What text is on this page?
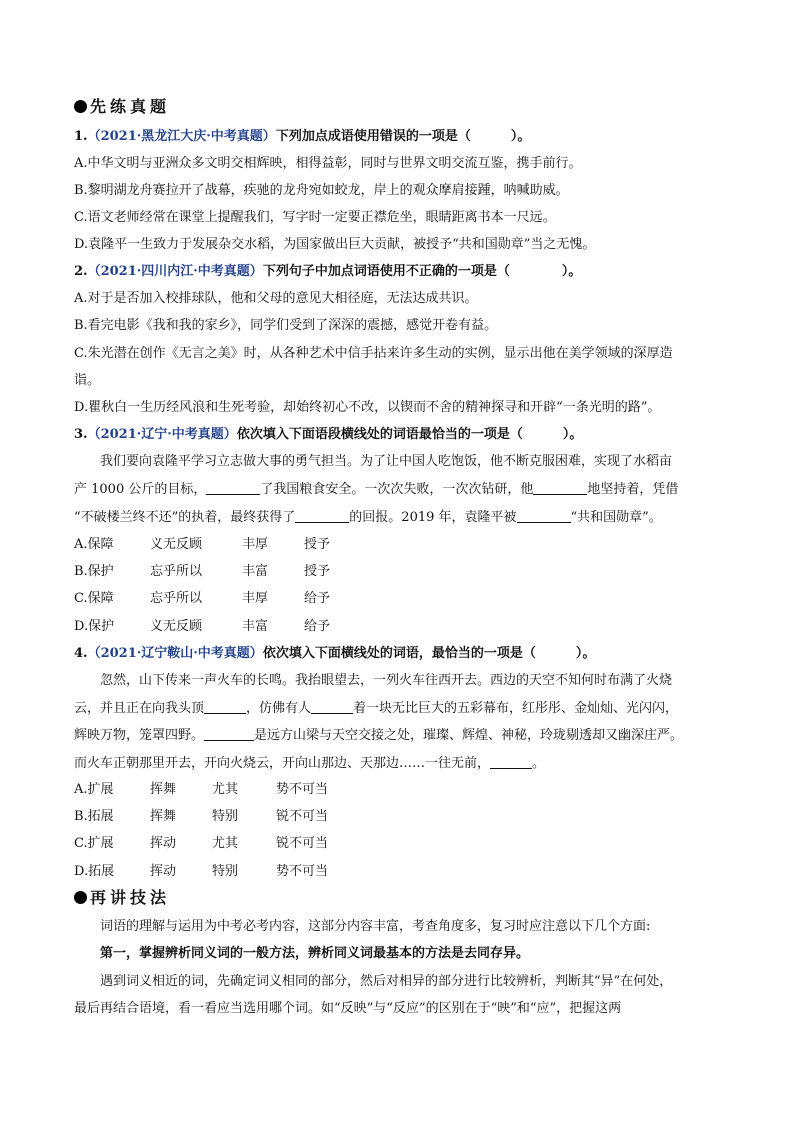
先练真题
1.（2021·黑龙江大庆·中考真题）下列加点成语使用错误的一项是（	）。
A.中华文明与亚洲众多文明交相辉映，相得益彰，同时与世界文明交流互鉴，携手前行。
B.黎明湖龙舟赛拉开了战幕，疾驰的龙舟宛如蛟龙，岸上的观众摩肩接踵，呐喊助威。
C.语文老师经常在课堂上提醒我们，写字时一定要正襟危坐，眼睛距离书本一尺远。
D.袁隆平一生致力于发展杂交水稻，为国家做出巨大贡献，被授予“共和国勋章”当之无愧。
2.（2021·四川内江·中考真题）下列句子中加点词语使用不正确的一项是（	）。
A.对于是否加入校排球队，他和父母的意见大相径庭，无法达成共识。
B.看完电影《我和我的家乡》，同学们受到了深深的震撼，感觉开卷有益。
C.朱光潜在创作《无言之美》时，从各种艺术中信手拈来许多生动的实例，显示出他在美学领域的深厚造
诣。
D.瞿秋白一生历经风浪和生死考验，却始终初心不改，以锲而不舍的精神探寻和开辟“一条光明的路”。
3.（2021·辽宁·中考真题）依次填入下面语段横线处的词语最恰当的一项是（	）。
我们要向袁隆平学习立志做大事的勇气担当。为了让中国人吃饱饭，他不断克服困难，实现了水稻亩
产 1000 公斤的目标，	了我国粮食安全。一次次失败，一次次钻研，他	地坚持着，凭借
“不破楼兰终不还”的执着，最终获得了	的回报。2019 年，袁隆平被	“共和国勋章”。
A.保障	义无反顾	丰厚	授予
B.保护	忘乎所以	丰富	授予
C.保障	忘乎所以	丰厚	给予
D.保护	义无反顾	丰富	给予
4.（2021·辽宁鞍山·中考真题）依次填入下面横线处的词语，最恰当的一项是（	）。
忽然，山下传来一声火车的长鸣。我抬眼望去，一列火车往西开去。西边的天空不知何时布满了火烧
云，并且正在向我头顶	，仿佛有人	着一块无比巨大的五彩幕布，红彤彤、金灿灿、光闪闪，
辉映万物，笼罩四野。	是远方山梁与天空交接之处，璀璨、辉煌、神秘，玲珑剔透却又幽深庄严。
而火车正朝那里开去，开向火烧云，开向山那边、天那边……一往无前，	。
A.扩展	挥舞	尤其	势不可当
B.拓展	挥舞	特别	锐不可当
C.扩展	挥动	尤其	锐不可当
D.拓展	挥动	特别	势不可当
再讲技法
词语的理解与运用为中考必考内容，这部分内容丰富，考查角度多，复习时应注意以下几个方面:
第一，掌握辨析同义词的一般方法，辨析同义词最基本的方法是去同存异。
遇到词义相近的词，先确定词义相同的部分，然后对相异的部分进行比较辨析，判断其“异”在何处，
最后再结合语境，看一看应当选用哪个词。如“反映”与“反应”的区别在于“映”和“应”，把握这两
